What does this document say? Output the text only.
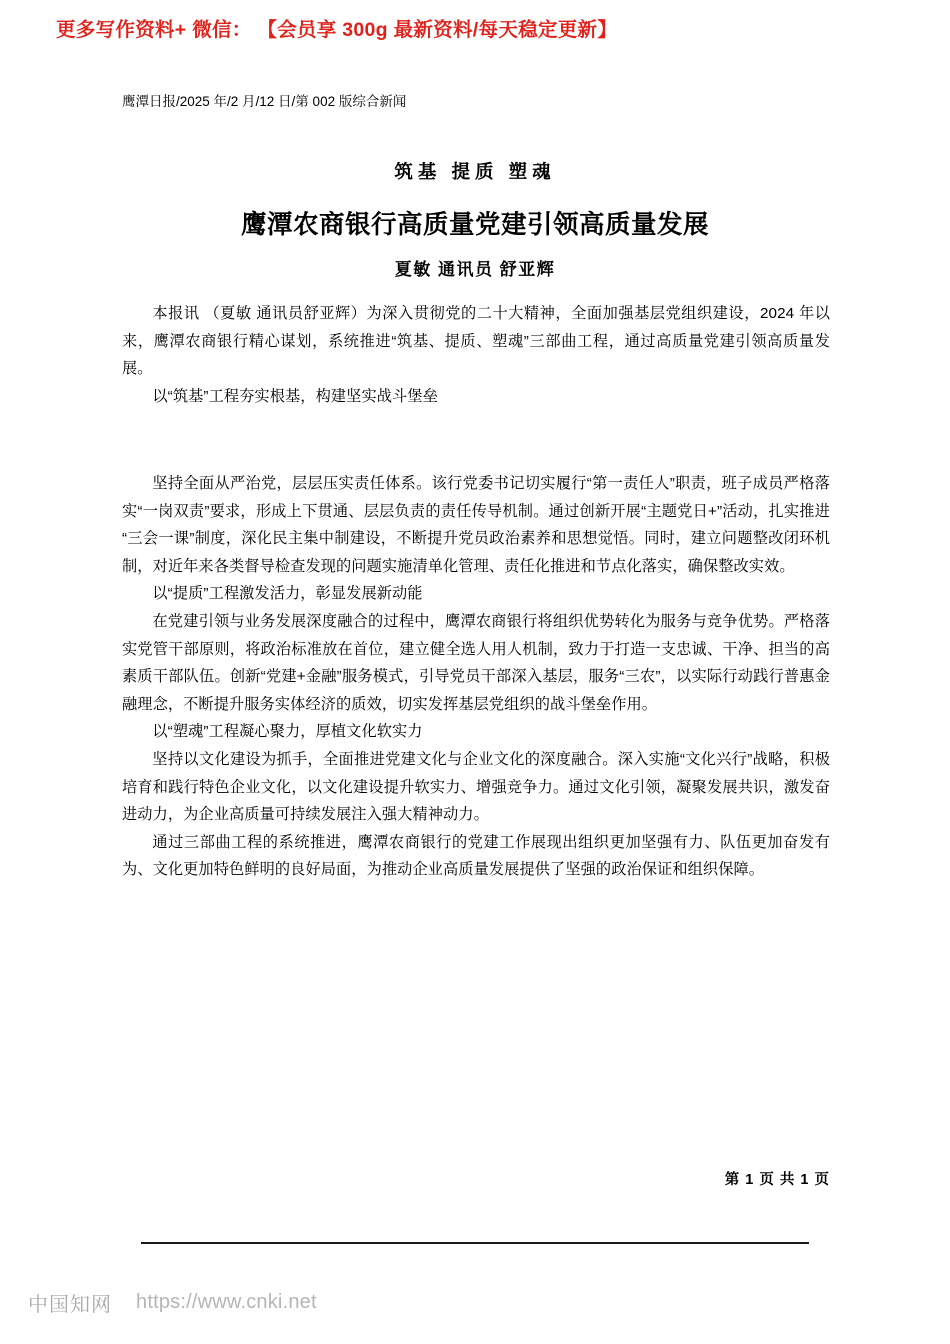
更多写作资料+ 微信： 【会员享 300g 最新资料/每天稳定更新】
鹰潭日报/2025 年/2 月/12 日/第 002 版综合新闻
筑基 提质 塑魂
鹰潭农商银行高质量党建引领高质量发展
夏敏 通讯员 舒亚辉

本报讯 （夏敏 通讯员舒亚辉）为深入贯彻党的二十大精神，全面加强基层党组织建设，2024 年以来，鹰潭农商银行精心谋划，系统推进“筑基、提质、塑魂”三部曲工程，通过高质量党建引领高质量发展。

以“筑基”工程夯实根基，构建坚实战斗堡垒

坚持全面从严治党，层层压实责任体系。该行党委书记切实履行“第一责任人”职责，班子成员严格落实“一岗双责”要求，形成上下贯通、层层负责的责任传导机制。通过创新开展“主题党日+”活动，扎实推进“三会一课”制度，深化民主集中制建设，不断提升党员政治素养和思想觉悟。同时，建立问题整改闭环机制，对近年来各类督导检查发现的问题实施清单化管理、责任化推进和节点化落实，确保整改实效。

以“提质”工程激发活力，彰显发展新动能

在党建引领与业务发展深度融合的过程中，鹰潭农商银行将组织优势转化为服务与竞争优势。严格落实党管干部原则，将政治标准放在首位，建立健全选人用人机制，致力于打造一支忠诚、干净、担当的高素质干部队伍。创新“党建+金融”服务模式，引导党员干部深入基层，服务“三农”，以实际行动践行普惠金融理念，不断提升服务实体经济的质效，切实发挥基层党组织的战斗堡垒作用。

以“塑魂”工程凝心聚力，厚植文化软实力

坚持以文化建设为抓手，全面推进党建文化与企业文化的深度融合。深入实施“文化兴行”战略，积极培育和践行特色企业文化，以文化建设提升软实力、增强竞争力。通过文化引领，凝聚发展共识，激发奋进动力，为企业高质量可持续发展注入强大精神动力。

通过三部曲工程的系统推进，鹰潭农商银行的党建工作展现出组织更加坚强有力、队伍更加奋发有为、文化更加特色鲜明的良好局面，为推动企业高质量发展提供了坚强的政治保证和组织保障。

第 1 页 共 1 页
中国知网 https://www.cnki.net
